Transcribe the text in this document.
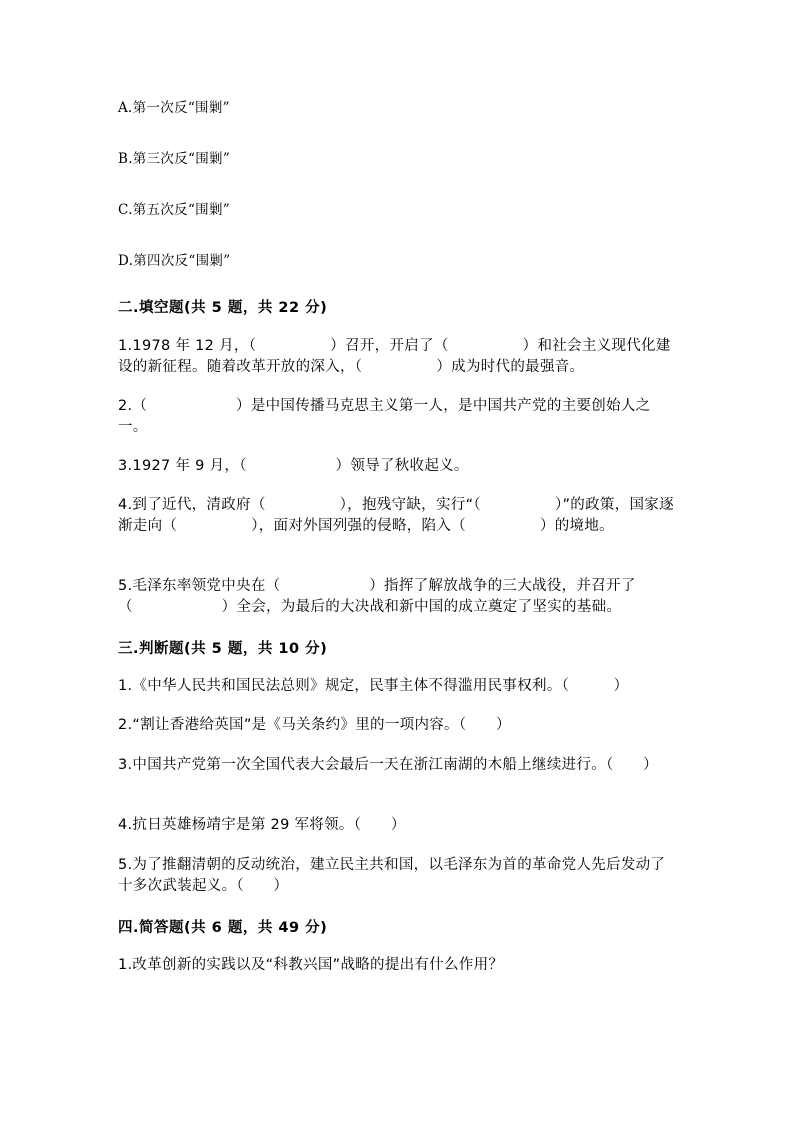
A.第一次反“围剿”
B.第三次反“围剿”
C.第五次反“围剿”
D.第四次反“围剿”
二.填空题(共 5 题，共 22 分)
1.1978 年 12 月，（　　　　　）召开，开启了（　　　　　）和社会主义现代化建设的新征程。随着改革开放的深入，（　　　　　）成为时代的最强音。
2.（　　　　　　）是中国传播马克思主义第一人，是中国共产党的主要创始人之一。
3.1927 年 9 月，（　　　　　　）领导了秋收起义。
4.到了近代，清政府（　　　　　），抱残守缺，实行“（　　　　　）”的政策，国家逐渐走向（　　　　　），面对外国列强的侵略，陷入（　　　　　）的境地。
5.毛泽东率领党中央在（　　　　　　）指挥了解放战争的三大战役，并召开了（　　　　　　）全会，为最后的大决战和新中国的成立奠定了坚实的基础。
三.判断题(共 5 题，共 10 分)
1.《中华人民共和国民法总则》规定，民事主体不得滥用民事权利。（　　　）
2.“割让香港给英国”是《马关条约》里的一项内容。（　　）
3.中国共产党第一次全国代表大会最后一天在浙江南湖的木船上继续进行。（　　）
4.抗日英雄杨靖宇是第 29 军将领。（　　）
5.为了推翻清朝的反动统治，建立民主共和国，以毛泽东为首的革命党人先后发动了十多次武装起义。（　　）
四.简答题(共 6 题，共 49 分)
1.改革创新的实践以及“科教兴国”战略的提出有什么作用？
